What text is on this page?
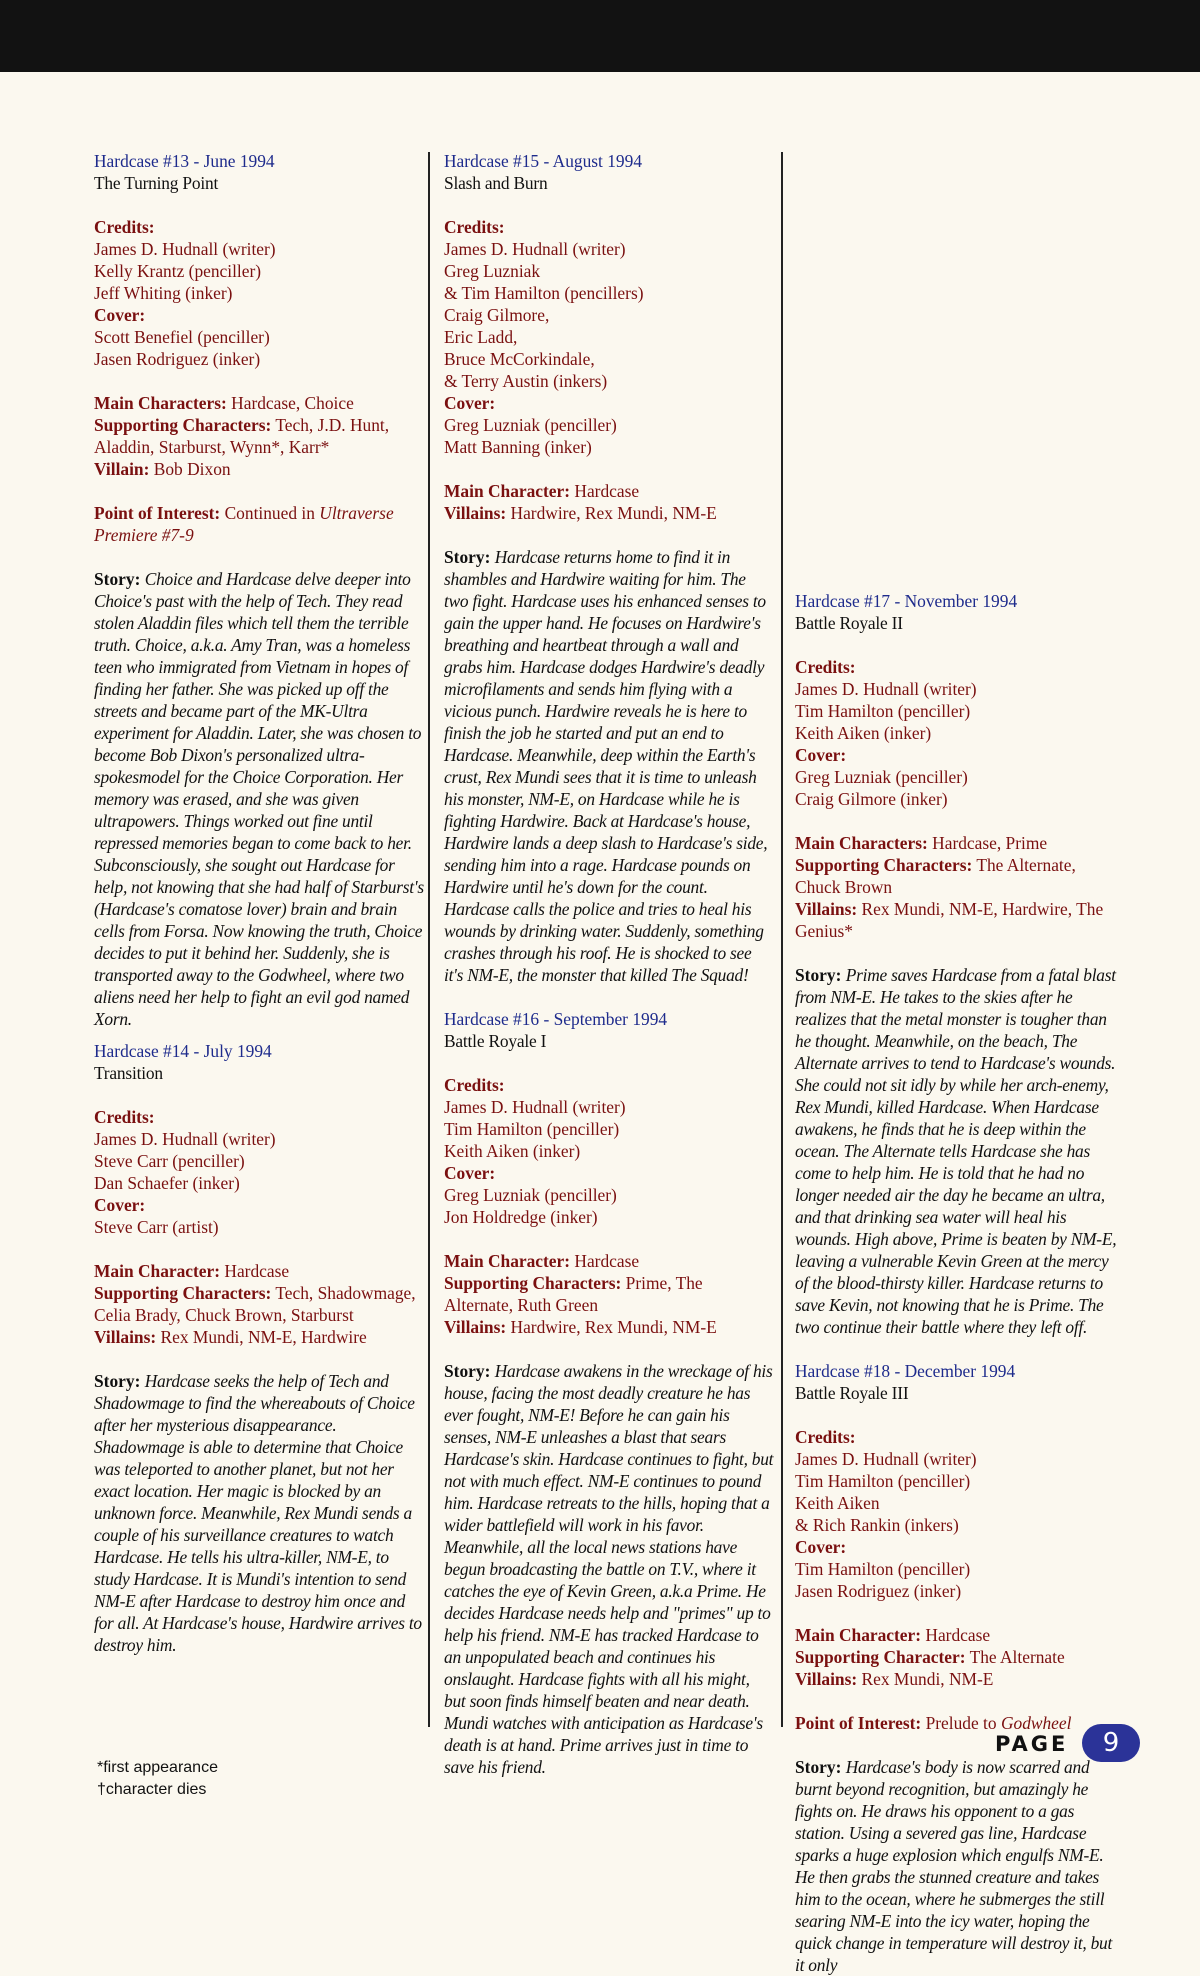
Hardcase #13 - June 1994
The Turning Point
Credits:
James D. Hudnall (writer)
Kelly Krantz (penciller)
Jeff Whiting (inker)
Cover:
Scott Benefiel (penciller)
Jasen Rodriguez (inker)
Main Characters: Hardcase, Choice
Supporting Characters: Tech, J.D. Hunt, Aladdin, Starburst, Wynn*, Karr*
Villain: Bob Dixon
Point of Interest: Continued in Ultraverse Premiere #7-9
Story: Choice and Hardcase delve deeper into Choice's past with the help of Tech. They read stolen Aladdin files which tell them the terrible truth. Choice, a.k.a. Amy Tran, was a homeless teen who immigrated from Vietnam in hopes of finding her father. She was picked up off the streets and became part of the MK-Ultra experiment for Aladdin. Later, she was chosen to become Bob Dixon's personalized ultra-spokesmodel for the Choice Corporation. Her memory was erased, and she was given ultrapowers. Things worked out fine until repressed memories began to come back to her. Subconsciously, she sought out Hardcase for help, not knowing that she had half of Starburst's (Hardcase's comatose lover) brain and brain cells from Forsa. Now knowing the truth, Choice decides to put it behind her. Suddenly, she is transported away to the Godwheel, where two aliens need her help to fight an evil god named Xorn.
Hardcase #14 - July 1994
Transition
Credits:
James D. Hudnall (writer)
Steve Carr (penciller)
Dan Schaefer (inker)
Cover:
Steve Carr (artist)
Main Character: Hardcase
Supporting Characters: Tech, Shadowmage, Celia Brady, Chuck Brown, Starburst
Villains: Rex Mundi, NM-E, Hardwire
Story: Hardcase seeks the help of Tech and Shadowmage to find the whereabouts of Choice after her mysterious disappearance. Shadowmage is able to determine that Choice was teleported to another planet, but not her exact location. Her magic is blocked by an unknown force. Meanwhile, Rex Mundi sends a couple of his surveillance creatures to watch Hardcase. He tells his ultra-killer, NM-E, to study Hardcase. It is Mundi's intention to send NM-E after Hardcase to destroy him once and for all. At Hardcase's house, Hardwire arrives to destroy him.
Hardcase #15 - August 1994
Slash and Burn
Credits:
James D. Hudnall (writer)
Greg Luzniak
& Tim Hamilton (pencillers)
Craig Gilmore,
Eric Ladd,
Bruce McCorkindale,
& Terry Austin (inkers)
Cover:
Greg Luzniak (penciller)
Matt Banning (inker)
Main Character: Hardcase
Villains: Hardwire, Rex Mundi, NM-E
Story: Hardcase returns home to find it in shambles and Hardwire waiting for him. The two fight. Hardcase uses his enhanced senses to gain the upper hand. He focuses on Hardwire's breathing and heartbeat through a wall and grabs him. Hardcase dodges Hardwire's deadly microfilaments and sends him flying with a vicious punch. Hardwire reveals he is here to finish the job he started and put an end to Hardcase. Meanwhile, deep within the Earth's crust, Rex Mundi sees that it is time to unleash his monster, NM-E, on Hardcase while he is fighting Hardwire. Back at Hardcase's house, Hardwire lands a deep slash to Hardcase's side, sending him into a rage. Hardcase pounds on Hardwire until he's down for the count. Hardcase calls the police and tries to heal his wounds by drinking water. Suddenly, something crashes through his roof. He is shocked to see it's NM-E, the monster that killed The Squad!
Hardcase #16 - September 1994
Battle Royale I
Credits:
James D. Hudnall (writer)
Tim Hamilton (penciller)
Keith Aiken (inker)
Cover:
Greg Luzniak (penciller)
Jon Holdredge (inker)
Main Character: Hardcase
Supporting Characters: Prime, The Alternate, Ruth Green
Villains: Hardwire, Rex Mundi, NM-E
Story: Hardcase awakens in the wreckage of his house, facing the most deadly creature he has ever fought, NM-E! Before he can gain his senses, NM-E unleashes a blast that sears Hardcase's skin. Hardcase continues to fight, but not with much effect. NM-E continues to pound him. Hardcase retreats to the hills, hoping that a wider battlefield will work in his favor. Meanwhile, all the local news stations have begun broadcasting the battle on T.V., where it catches the eye of Kevin Green, a.k.a Prime. He decides Hardcase needs help and "primes" up to help his friend. NM-E has tracked Hardcase to an unpopulated beach and continues his onslaught. Hardcase fights with all his might, but soon finds himself beaten and near death. Mundi watches with anticipation as Hardcase's death is at hand. Prime arrives just in time to save his friend.
Hardcase #17 - November 1994
Battle Royale II
Credits:
James D. Hudnall (writer)
Tim Hamilton (penciller)
Keith Aiken (inker)
Cover:
Greg Luzniak (penciller)
Craig Gilmore (inker)
Main Characters: Hardcase, Prime
Supporting Characters: The Alternate, Chuck Brown
Villains: Rex Mundi, NM-E, Hardwire, The Genius*
Story: Prime saves Hardcase from a fatal blast from NM-E. He takes to the skies after he realizes that the metal monster is tougher than he thought. Meanwhile, on the beach, The Alternate arrives to tend to Hardcase's wounds. She could not sit idly by while her arch-enemy, Rex Mundi, killed Hardcase. When Hardcase awakens, he finds that he is deep within the ocean. The Alternate tells Hardcase she has come to help him. He is told that he had no longer needed air the day he became an ultra, and that drinking sea water will heal his wounds. High above, Prime is beaten by NM-E, leaving a vulnerable Kevin Green at the mercy of the blood-thirsty killer. Hardcase returns to save Kevin, not knowing that he is Prime. The two continue their battle where they left off.
Hardcase #18 - December 1994
Battle Royale III
Credits:
James D. Hudnall (writer)
Tim Hamilton (penciller)
Keith Aiken
& Rich Rankin (inkers)
Cover:
Tim Hamilton (penciller)
Jasen Rodriguez (inker)
Main Character: Hardcase
Supporting Character: The Alternate
Villains: Rex Mundi, NM-E
Point of Interest: Prelude to Godwheel
Story: Hardcase's body is now scarred and burnt beyond recognition, but amazingly he fights on. He draws his opponent to a gas station. Using a severed gas line, Hardcase sparks a huge explosion which engulfs NM-E. He then grabs the stunned creature and takes him to the ocean, where he submerges the still searing NM-E into the icy water, hoping the quick change in temperature will destroy it, but it only
PAGE	9
*first appearance
†character dies
